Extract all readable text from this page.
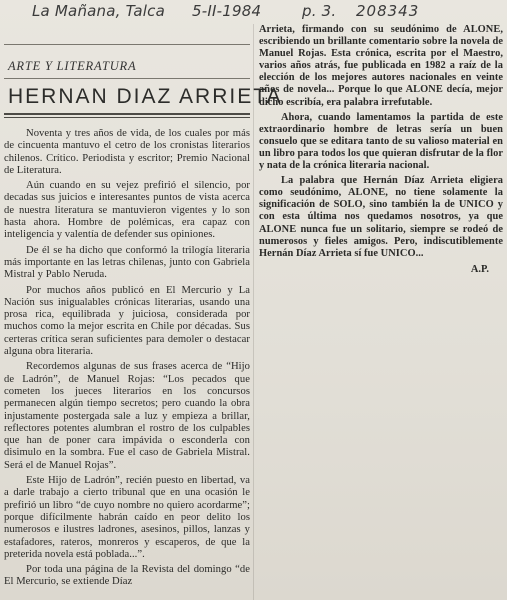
La Mañana, Talca 5-II-1984	p. 3. 208343
ARTE Y LITERATURA
HERNAN DIAZ ARRIETA

Noventa y tres años de vida, de los cuales por más de cincuenta mantuvo el cetro de los cronistas literarios chilenos. Crítico. Periodista y escritor; Premio Nacional de Literatura.

Aún cuando en su vejez prefirió el silencio, por decadas sus juicios e interesantes puntos de vista acerca de nuestra literatura se mantuvieron vigentes y lo son hasta ahora. Hombre de polémicas, era capaz con inteligencia y valentía de defender sus opiniones.

De él se ha dicho que conformó la trilogía literaria más importante en las letras chilenas, junto con Gabriela Mistral y Pablo Neruda.

Por muchos años publicó en El Mercurio y La Nación sus inigualables crónicas literarias, usando una prosa rica, equilibrada y juiciosa, considerada por muchos como la mejor escrita en Chile por décadas. Sus certeras crítica seran suficientes para demoler o destacar alguna obra literaria.

Recordemos algunas de sus frases acerca de “Hijo de Ladrón”, de Manuel Rojas: “Los pecados que cometen los jueces literarios en los concursos permanecen algún tiempo secretos; pero cuando la obra injustamente postergada sale a luz y empieza a brillar, reflectores potentes alumbran el rostro de los culpables que han de poner cara impávida o esconderla con disimulo en la sombra. Fue el caso de Gabriela Mistral. Será el de Manuel Rojas”.

Este Hijo de Ladrón”, recién puesto en libertad, va a darle trabajo a cierto tribunal que en una ocasión le prefirió un libro “de cuyo nombre no quiero acordarme”; porque difícilmente habrán caído en peor delito los numerosos e ilustres ladrones, asesinos, pillos, lanzas y estafadores, rateros, monreros y escaperos, de que la preterida novela está poblada...”.

Por toda una página de la Revista del domingo “de El Mercurio, se extiende Díaz

Arrieta, firmando con su seudónimo de ALONE, escribiendo un brillante comentario sobre la novela de Manuel Rojas. Esta crónica, escrita por el Maestro, varios años atrás, fue publicada en 1982 a raíz de la elección de los mejores autores nacionales en veinte años de novela... Porque lo que ALONE decía, mejor dicho escribía, era palabra irrefutable.

Ahora, cuando lamentamos la partida de este extraordinario hombre de letras sería un buen consuelo que se editara tanto de su valioso material en un libro para todos los que quieran disfrutar de la flor y nata de la crónica literaria nacional.

La palabra que Hernán Díaz Arrieta eligiera como seudónimo, ALONE, no tiene solamente la significación de SOLO, sino también la de UNICO y con esta última nos quedamos nosotros, ya que ALONE nunca fue un solitario, siempre se rodeó de numerosos y fieles amigos. Pero, indiscutiblemente Hernán Díaz Arrieta sí fue UNICO...

A.P.
